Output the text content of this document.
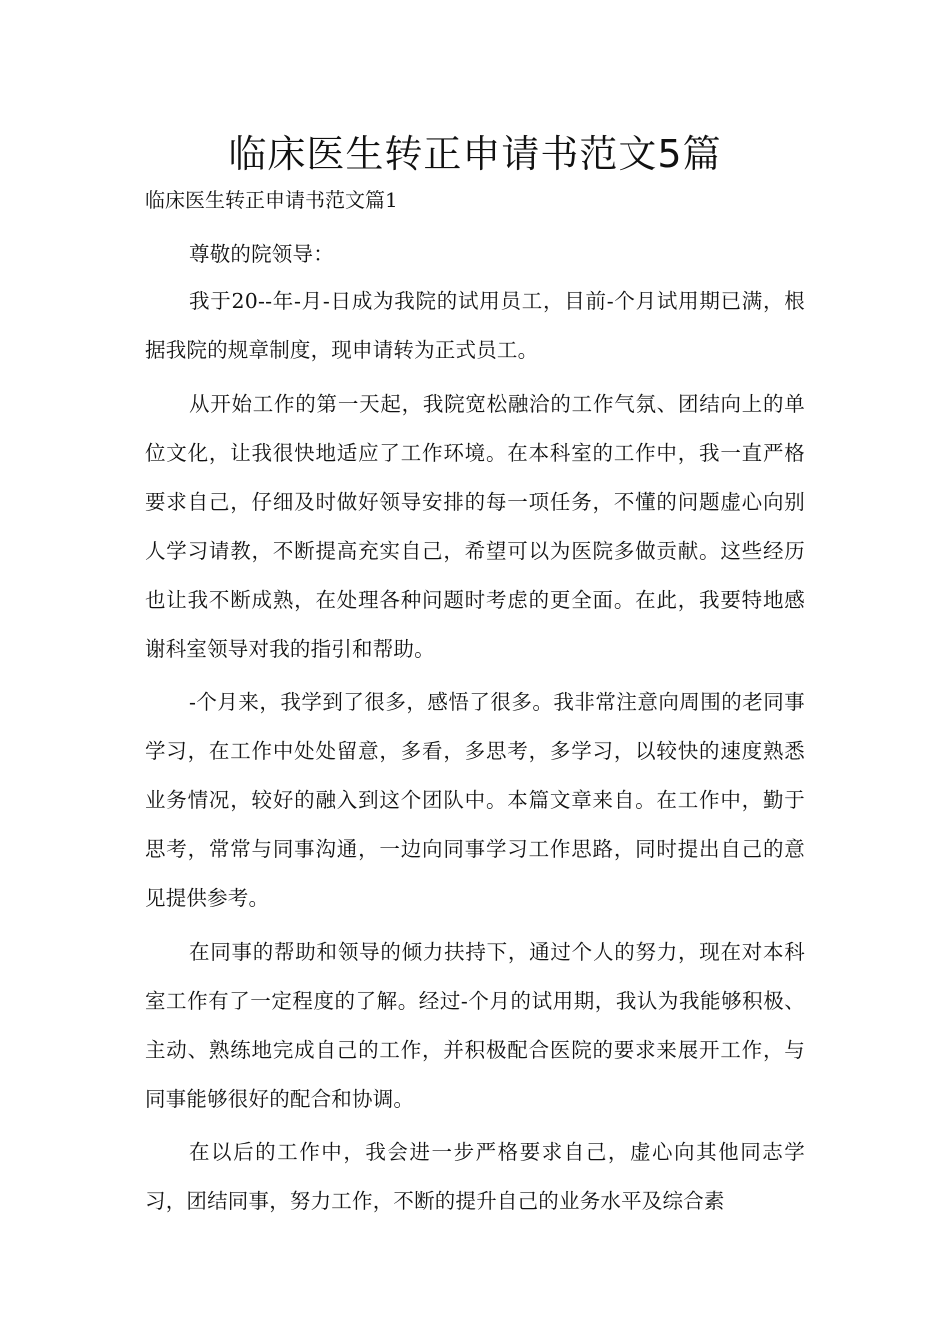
临床医生转正申请书范文5篇

临床医生转正申请书范文篇1

尊敬的院领导：

我于20--年-月-日成为我院的试用员工，目前-个月试用期已满，根据我院的规章制度，现申请转为正式员工。

从开始工作的第一天起，我院宽松融洽的工作气氛、团结向上的单位文化，让我很快地适应了工作环境。在本科室的工作中，我一直严格要求自己，仔细及时做好领导安排的每一项任务，不懂的问题虚心向别人学习请教，不断提高充实自己，希望可以为医院多做贡献。这些经历也让我不断成熟，在处理各种问题时考虑的更全面。在此，我要特地感谢科室领导对我的指引和帮助。

-个月来，我学到了很多，感悟了很多。我非常注意向周围的老同事学习，在工作中处处留意，多看，多思考，多学习，以较快的速度熟悉业务情况，较好的融入到这个团队中。本篇文章来自。在工作中，勤于思考，常常与同事沟通，一边向同事学习工作思路，同时提出自己的意见提供参考。

在同事的帮助和领导的倾力扶持下，通过个人的努力，现在对本科室工作有了一定程度的了解。经过-个月的试用期，我认为我能够积极、主动、熟练地完成自己的工作，并积极配合医院的要求来展开工作，与同事能够很好的配合和协调。

在以后的工作中，我会进一步严格要求自己，虚心向其他同志学习，团结同事，努力工作，不断的提升自己的业务水平及综合素
